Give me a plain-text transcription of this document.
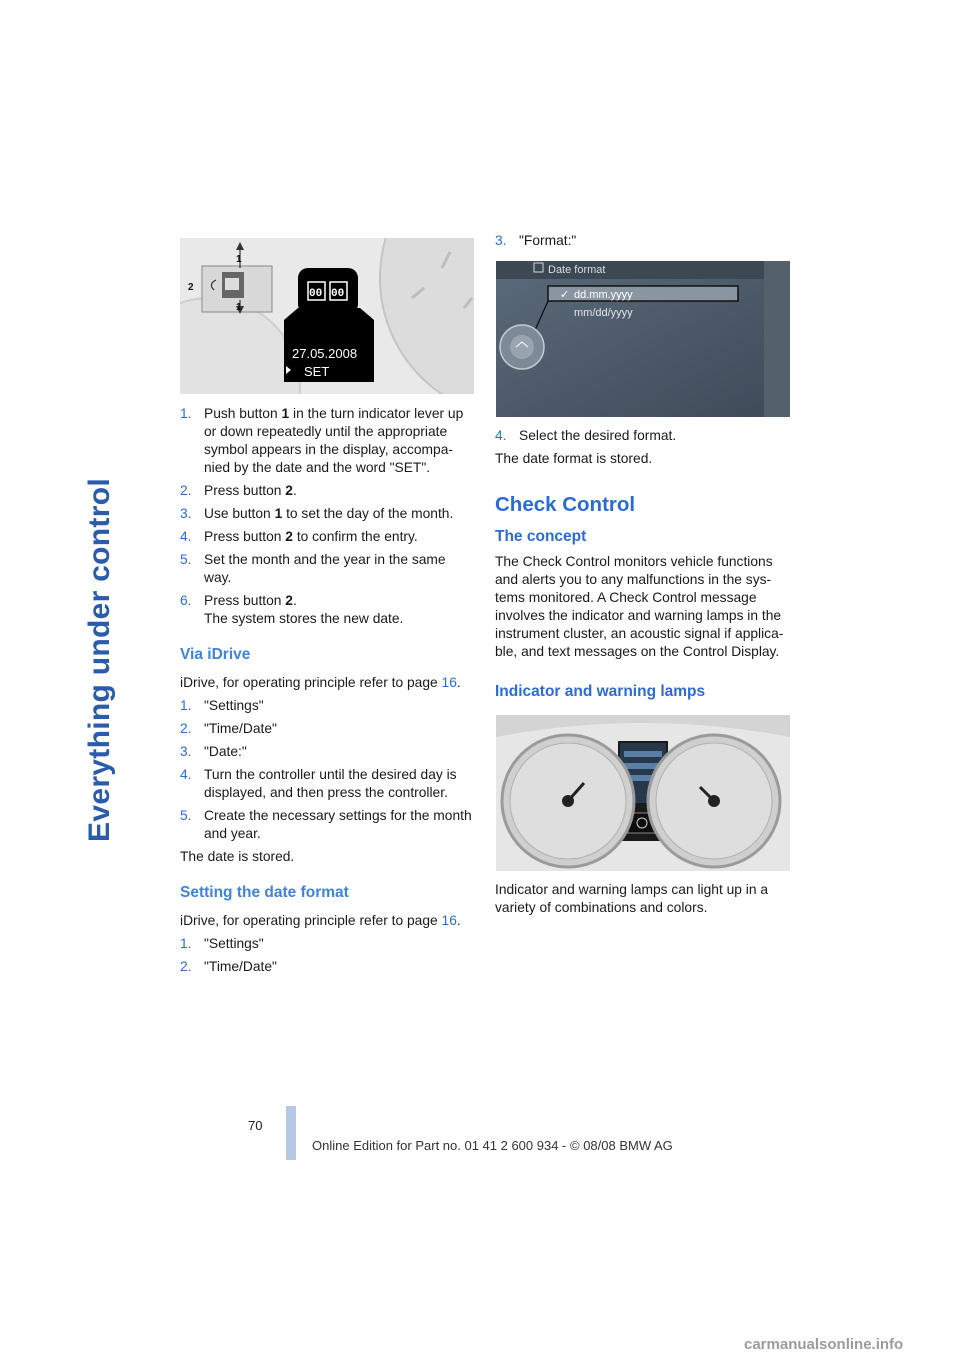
Everything under control
2
1
1
00 00
27.05.2008
SET
1. Push button 1 in the turn indicator lever up or down repeatedly until the appropriate symbol appears in the display, accompanied by the date and the word "SET".
2. Press button 2.
3. Use button 1 to set the day of the month.
4. Press button 2 to confirm the entry.
5. Set the month and the year in the same way.
6. Press button 2.
The system stores the new date.
Via iDrive

iDrive, for operating principle refer to page 16.

1. "Settings"
2. "Time/Date"
3. "Date:"
4. Turn the controller until the desired day is displayed, and then press the controller.
5. Create the necessary settings for the month and year.

The date is stored.

Setting the date format

iDrive, for operating principle refer to page 16.

1. "Settings"
2. "Time/Date"
3. "Format:"
Date format
✓ dd.mm.yyyy
mm/dd/yyyy
4. Select the desired format.

The date format is stored.

Check Control
The concept

The Check Control monitors vehicle functions and alerts you to any malfunctions in the systems monitored. A Check Control message involves the indicator and warning lamps in the instrument cluster, an acoustic signal if applicable, and text messages on the Control Display.

Indicator and warning lamps

Indicator and warning lamps can light up in a variety of combinations and colors.

70
Online Edition for Part no. 01 41 2 600 934 - © 08/08 BMW AG
carmanualsonline.info
